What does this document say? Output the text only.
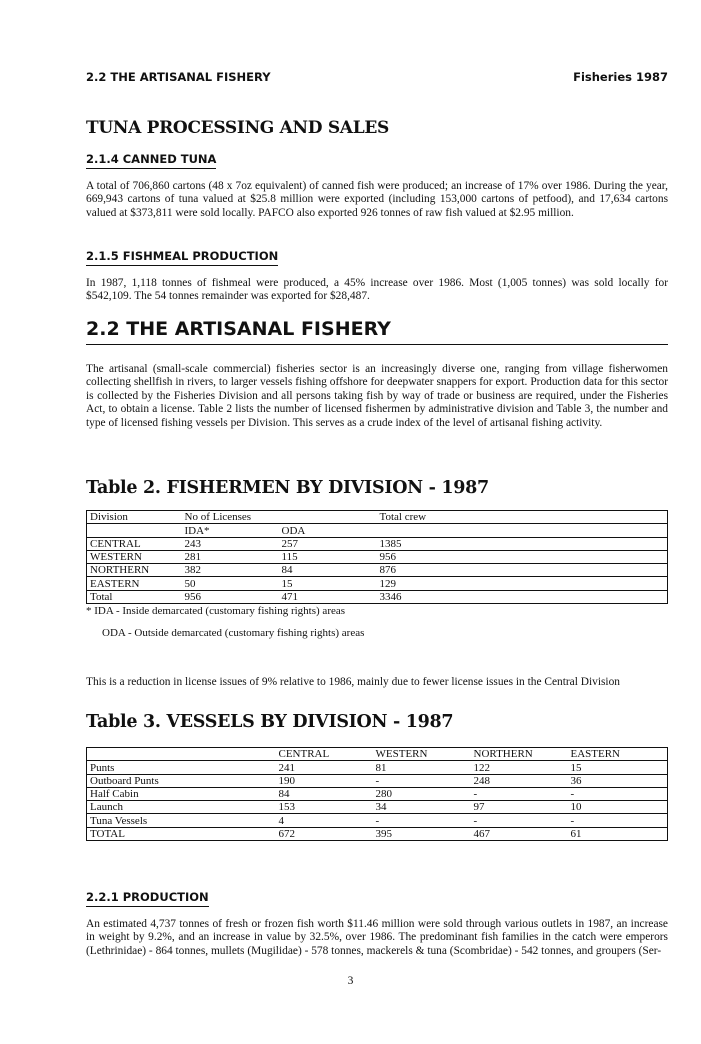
2.2 THE ARTISANAL FISHERY	Fisheries 1987
TUNA PROCESSING AND SALES
2.1.4 CANNED TUNA
A total of 706,860 cartons (48 x 7oz equivalent) of canned fish were produced; an increase of 17% over 1986. During the year, 669,943 cartons of tuna valued at $25.8 million were exported (including 153,000 cartons of petfood), and 17,634 cartons valued at $373,811 were sold locally. PAFCO also exported 926 tonnes of raw fish valued at $2.95 million.
2.1.5 FISHMEAL PRODUCTION
In 1987, 1,118 tonnes of fishmeal were produced, a 45% increase over 1986. Most (1,005 tonnes) was sold locally for $542,109. The 54 tonnes remainder was exported for $28,487.
2.2 THE ARTISANAL FISHERY
The artisanal (small-scale commercial) fisheries sector is an increasingly diverse one, ranging from village fisherwomen collecting shellfish in rivers, to larger vessels fishing offshore for deepwater snappers for export. Production data for this sector is collected by the Fisheries Division and all persons taking fish by way of trade or business are required, under the Fisheries Act, to obtain a license. Table 2 lists the number of licensed fishermen by administrative division and Table 3, the number and type of licensed fishing vessels per Division. This serves as a crude index of the level of artisanal fishing activity.
Table 2. FISHERMEN BY DIVISION - 1987
Division	No of Licenses		Total crew
	IDA*	ODA	
CENTRAL	243	257	1385
WESTERN	281	115	956
NORTHERN	382	84	876
EASTERN	50	15	129
Total	956	471	3346
* IDA - Inside demarcated (customary fishing rights) areas
ODA - Outside demarcated (customary fishing rights) areas
This is a reduction in license issues of 9% relative to 1986, mainly due to fewer license issues in the Central Division
Table 3. VESSELS BY DIVISION - 1987
	CENTRAL	WESTERN	NORTHERN	EASTERN
Punts	241	81	122	15
Outboard Punts	190	-	248	36
Half Cabin	84	280	-	-
Launch	153	34	97	10
Tuna Vessels	4	-	-	-
TOTAL	672	395	467	61
2.2.1 PRODUCTION
An estimated 4,737 tonnes of fresh or frozen fish worth $11.46 million were sold through various outlets in 1987, an increase in weight by 9.2%, and an increase in value by 32.5%, over 1986. The predominant fish families in the catch were emperors (Lethrinidae) - 864 tonnes, mullets (Mugilidae) - 578 tonnes, mackerels & tuna (Scombridae) - 542 tonnes, and groupers (Ser-
3
